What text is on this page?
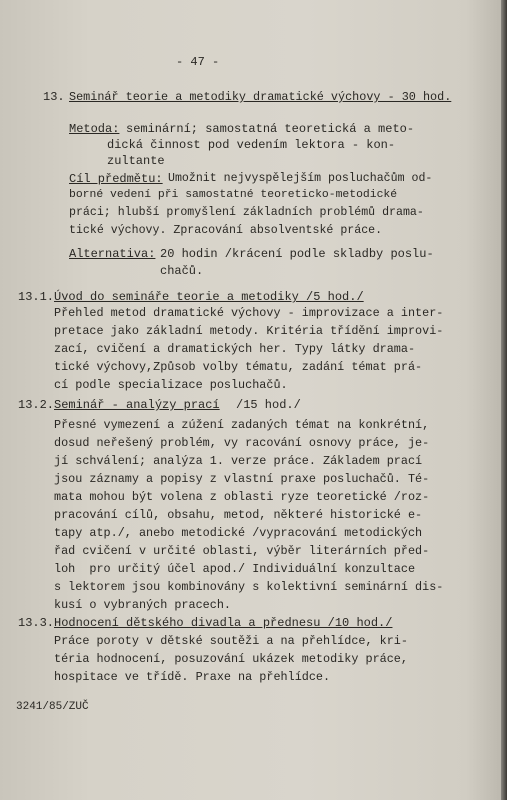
- 47 -
13. Seminář teorie a metodiky dramatické výchovy - 30 hod.
Metoda: seminární; samostatná teoretická a meto-
dická činnost pod vedením lektora - kon-
zultante
Cíl předmětu: Umožnit nejvyspělejším posluchačům od-
borné vedení při samostatné teoreticko-metodické
práci; hlubší promyšlení základních problémů drama-
tické výchovy. Zpracování absolventské práce.
Alternativa: 20 hodin /krácení podle skladby poslu-
chačů.
13.1. Úvod do semináře teorie a metodiky /5 hod./
Přehled metod dramatické výchovy - improvizace a inter-
pretace jako základní metody. Kritéria třídění improvi-
zací, cvičení a dramatických her. Typy látky drama-
tické výchovy,Způsob volby tématu, zadání témat prá-
cí podle specializace posluchačů.
13.2. Seminář - analýzy prací /15 hod./
Přesné vymezení a zúžení zadaných témat na konkrétní,
dosud neřešený problém, vy racování osnovy práce, je-
jí schválení; analýza 1. verze práce. Základem prací
jsou záznamy a popisy z vlastní praxe posluchačů. Té-
mata mohou být volena z oblasti ryze teoretické /roz-
pracování cílů, obsahu, metod, některé historické e-
tapy atp./, anebo metodické /vypracování metodických
řad cvičení v určité oblasti, výběr literárních před-
loh  pro určitý účel apod./ Individuální konzultace
s lektorem jsou kombinovány s kolektivní seminární dis-
kusí o vybraných pracech.
13.3. Hodnocení dětského divadla a přednesu /10 hod./
Práce poroty v dětské soutěži a na přehlídce, kri-
téria hodnocení, posuzování ukázek metodiky práce,
hospitace ve třídě. Praxe na přehlídce.
3241/85/ZUČ
